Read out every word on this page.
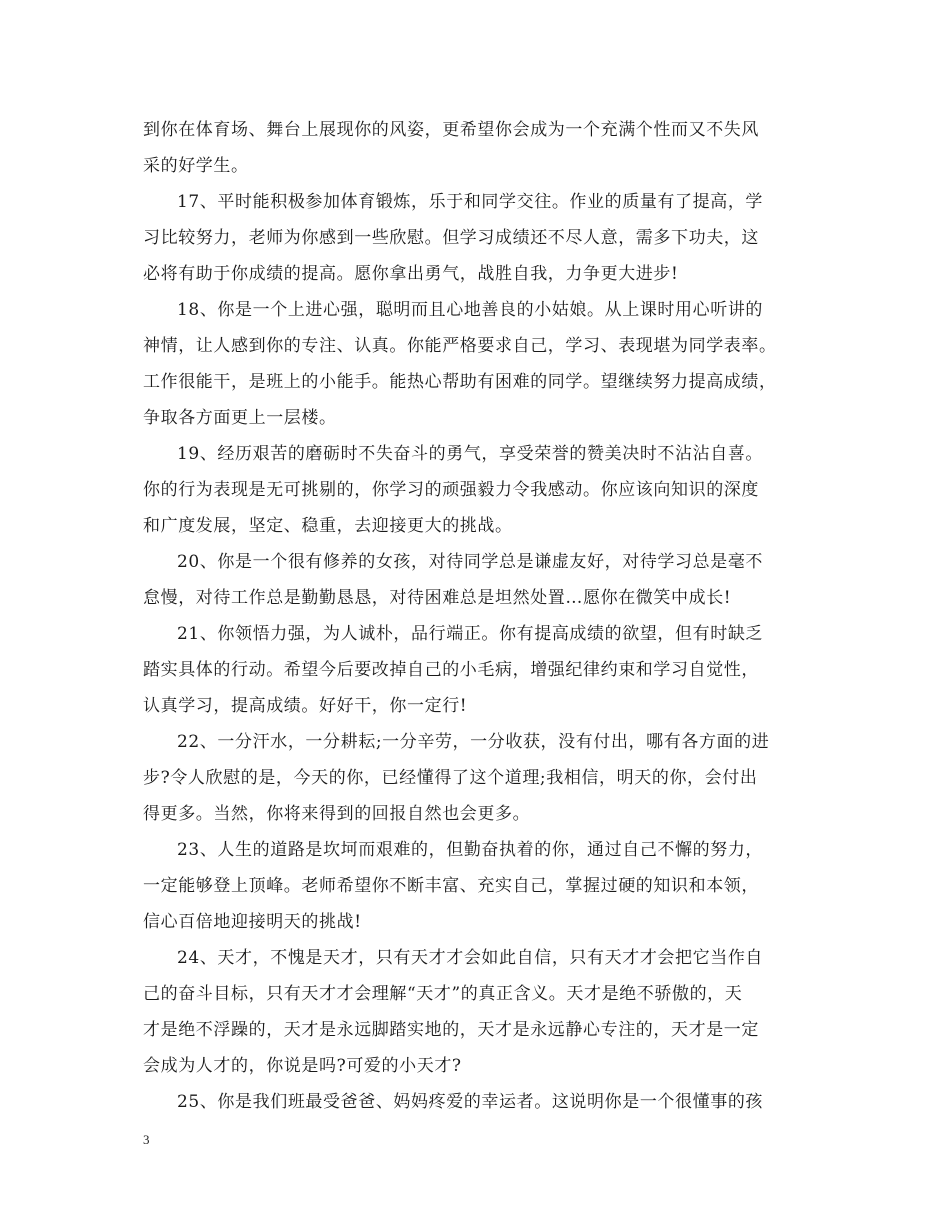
到你在体育场、舞台上展现你的风姿，更希望你会成为一个充满个性而又不失风
采的好学生。
17、平时能积极参加体育锻炼，乐于和同学交往。作业的质量有了提高，学
习比较努力，老师为你感到一些欣慰。但学习成绩还不尽人意，需多下功夫，这
必将有助于你成绩的提高。愿你拿出勇气，战胜自我，力争更大进步!
18、你是一个上进心强，聪明而且心地善良的小姑娘。从上课时用心听讲的
神情，让人感到你的专注、认真。你能严格要求自己，学习、表现堪为同学表率。
工作很能干，是班上的小能手。能热心帮助有困难的同学。望继续努力提高成绩，
争取各方面更上一层楼。
19、经历艰苦的磨砺时不失奋斗的勇气，享受荣誉的赞美决时不沾沾自喜。
你的行为表现是无可挑剔的，你学习的顽强毅力令我感动。你应该向知识的深度
和广度发展，坚定、稳重，去迎接更大的挑战。
20、你是一个很有修养的女孩，对待同学总是谦虚友好，对待学习总是毫不
怠慢，对待工作总是勤勤恳恳，对待困难总是坦然处置…愿你在微笑中成长!
21、你领悟力强，为人诚朴，品行端正。你有提高成绩的欲望，但有时缺乏
踏实具体的行动。希望今后要改掉自己的小毛病，增强纪律约束和学习自觉性，
认真学习，提高成绩。好好干，你一定行!
22、一分汗水，一分耕耘;一分辛劳，一分收获，没有付出，哪有各方面的进
步?令人欣慰的是，今天的你，已经懂得了这个道理;我相信，明天的你，会付出
得更多。当然，你将来得到的回报自然也会更多。
23、人生的道路是坎坷而艰难的，但勤奋执着的你，通过自己不懈的努力，
一定能够登上顶峰。老师希望你不断丰富、充实自己，掌握过硬的知识和本领，
信心百倍地迎接明天的挑战!
24、天才，不愧是天才，只有天才才会如此自信，只有天才才会把它当作自
己的奋斗目标，只有天才才会理解“天才”的真正含义。天才是绝不骄傲的，天
才是绝不浮躁的，天才是永远脚踏实地的，天才是永远静心专注的，天才是一定
会成为人才的，你说是吗?可爱的小天才?
25、你是我们班最受爸爸、妈妈疼爱的幸运者。这说明你是一个很懂事的孩
3
